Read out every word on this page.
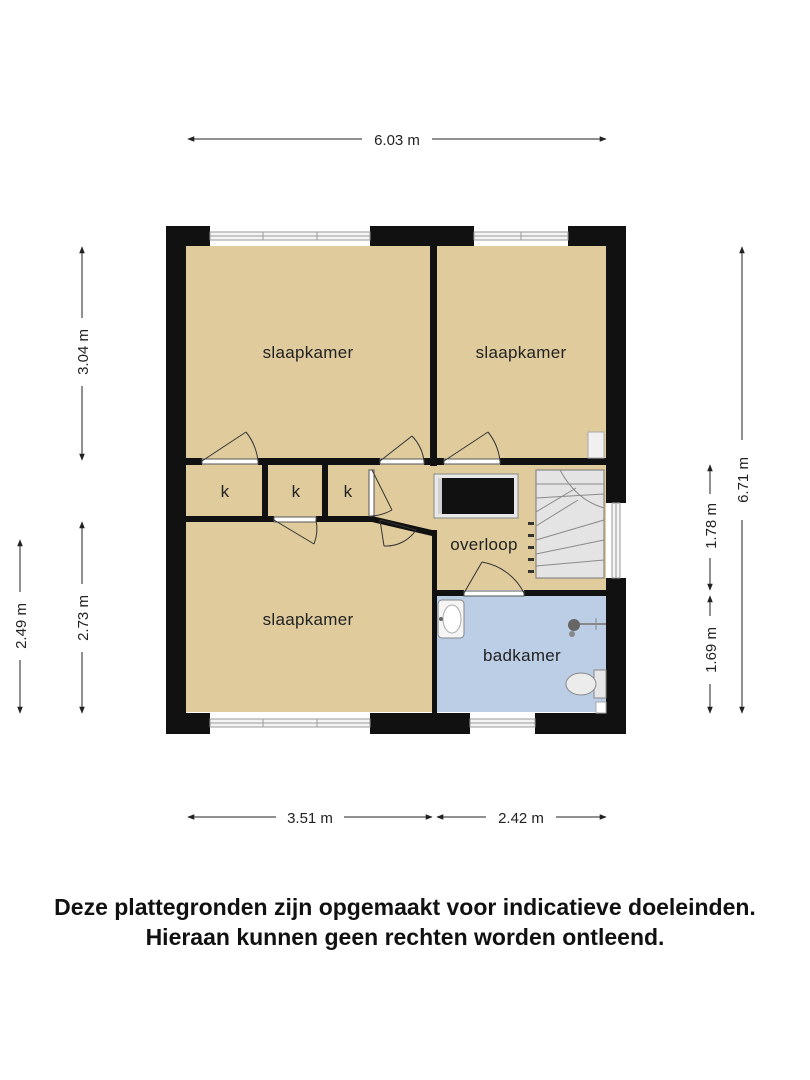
slaapkamer	slaapkamer
slaapkamer
k	k	k
overloop
badkamer
6.03 m
3.51 m	2.42 m
3.04 m
2.73 m
2.49 m
6.71 m
1.78 m
1.69 m
Deze plattegronden zijn opgemaakt voor indicatieve doeleinden.
Hieraan kunnen geen rechten worden ontleend.
